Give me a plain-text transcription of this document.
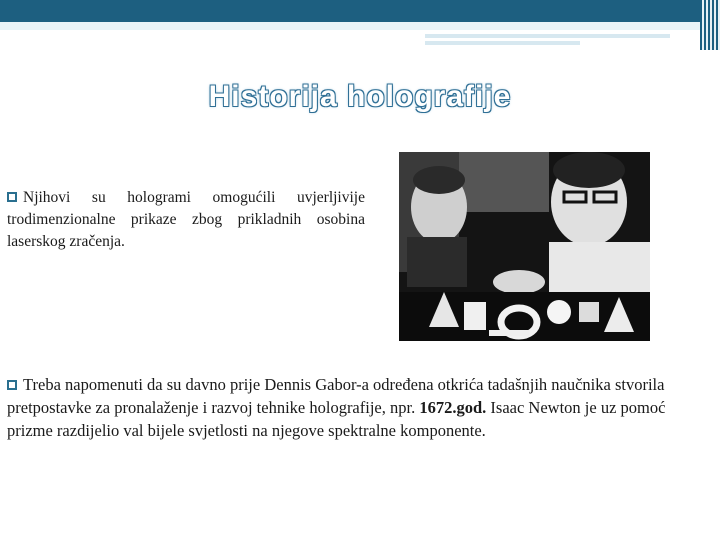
Historija holografije
Njihovi su hologrami omogućili uvjerljivije trodimenzionalne prikaze zbog prikladnih osobina laserskog zračenja.
Treba napomenuti da su davno prije Dennis Gabor-a određena otkrića tadašnjih naučnika stvorila pretpostavke za pronalaženje i razvoj tehnike holografije, npr. 1672.god. Isaac Newton je uz pomoć prizme razdijelio val bijele svjetlosti na njegove spektralne komponente.
